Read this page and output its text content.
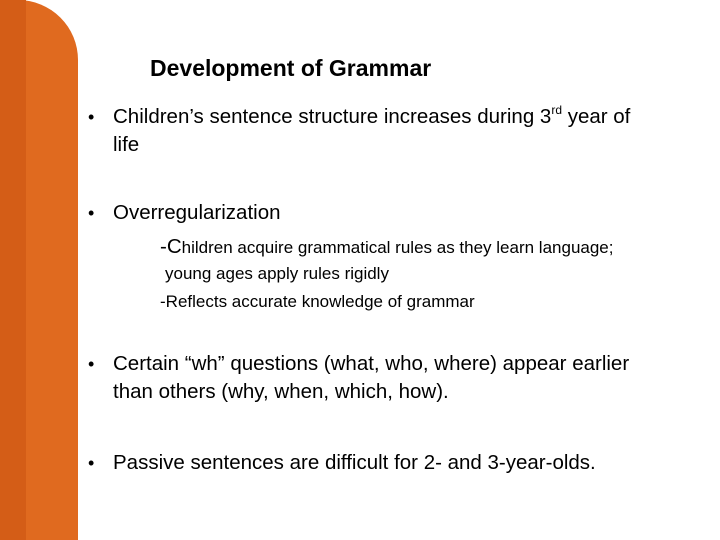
Development of Grammar
• Children’s sentence structure increases during 3rd year of
life
• Overregularization
-Children acquire grammatical rules as they learn language;
young ages apply rules rigidly
-Reflects accurate knowledge of grammar
• Certain “wh” questions (what, who, where) appear earlier
than others (why, when, which, how).
• Passive sentences are difficult for 2- and 3-year-olds.
